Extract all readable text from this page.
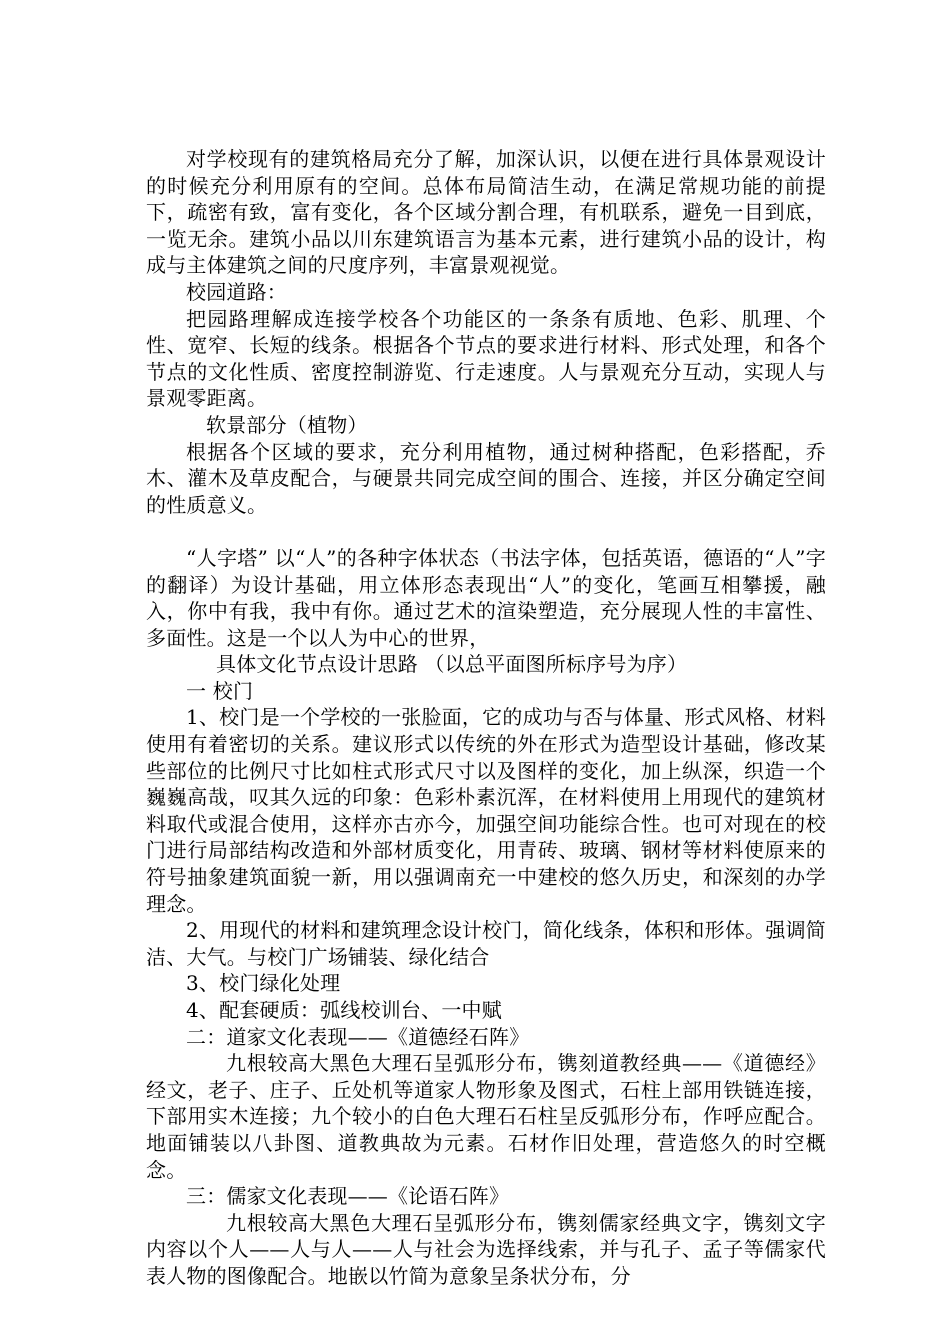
对学校现有的建筑格局充分了解，加深认识，以便在进行具体景观设计的时候充分利用原有的空间。总体布局简洁生动，在满足常规功能的前提下，疏密有致，富有变化，各个区域分割合理，有机联系，避免一目到底，一览无余。建筑小品以川东建筑语言为基本元素，进行建筑小品的设计，构成与主体建筑之间的尺度序列，丰富景观视觉。

校园道路：

把园路理解成连接学校各个功能区的一条条有质地、色彩、肌理、个性、宽窄、长短的线条。根据各个节点的要求进行材料、形式处理，和各个节点的文化性质、密度控制游览、行走速度。人与景观充分互动，实现人与景观零距离。

软景部分（植物）

根据各个区域的要求，充分利用植物，通过树种搭配，色彩搭配，乔木、灌木及草皮配合，与硬景共同完成空间的围合、连接，并区分确定空间的性质意义。

“人字塔” 以“人”的各种字体状态（书法字体，包括英语，德语的“人”字的翻译）为设计基础，用立体形态表现出“人”的变化，笔画互相攀援，融入，你中有我，我中有你。通过艺术的渲染塑造，充分展现人性的丰富性、多面性。这是一个以人为中心的世界，

具体文化节点设计思路 （以总平面图所标序号为序）

一 校门

1、校门是一个学校的一张脸面，它的成功与否与体量、形式风格、材料使用有着密切的关系。建议形式以传统的外在形式为造型设计基础，修改某些部位的比例尺寸比如柱式形式尺寸以及图样的变化，加上纵深，织造一个巍巍高哉，叹其久远的印象：色彩朴素沉浑，在材料使用上用现代的建筑材料取代或混合使用，这样亦古亦今，加强空间功能综合性。也可对现在的校门进行局部结构改造和外部材质变化，用青砖、玻璃、钢材等材料使原来的符号抽象建筑面貌一新，用以强调南充一中建校的悠久历史，和深刻的办学理念。

2、用现代的材料和建筑理念设计校门，简化线条，体积和形体。强调简洁、大气。与校门广场铺装、绿化结合

3、校门绿化处理

4、配套硬质：弧线校训台、一中赋

二：道家文化表现——《道德经石阵》

九根较高大黑色大理石呈弧形分布，镌刻道教经典——《道德经》经文，老子、庄子、丘处机等道家人物形象及图式，石柱上部用铁链连接，下部用实木连接；九个较小的白色大理石石柱呈反弧形分布，作呼应配合。地面铺装以八卦图、道教典故为元素。石材作旧处理，营造悠久的时空概念。

三：儒家文化表现——《论语石阵》

九根较高大黑色大理石呈弧形分布，镌刻儒家经典文字，镌刻文字内容以个人——人与人——人与社会为选择线索，并与孔子、孟子等儒家代表人物的图像配合。地嵌以竹简为意象呈条状分布，分
